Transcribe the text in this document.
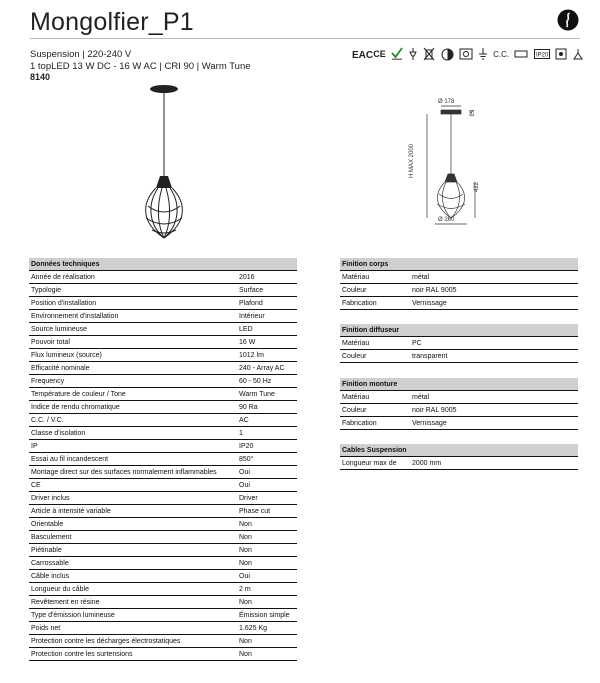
Mongolfier_P1
Suspension | 220-240 V
1 topLED 13 W DC - 16 W AC | CRI 90 | Warm Tune
8140
EAC CE	C.C.	IP20
Ø 178
53
H MAX 2000
422
Ø 260
Données techniques	
Année de réalisation	2016
Typologie	Surface
Position d'installation	Plafond
Environnement d'installation	Intérieur
Source lumineuse	LED
Pouvoir total	16 W
Flux lumineux (source)	1012 lm
Efficacité nominale	240 - Array AC
Frequency	60 - 50 Hz
Température de couleur / Tone	Warm Tune
Indice de rendu chromatique	90 Ra
C.C. / V.C.	AC
Classe d'isolation	1
IP	IP20
Essai au fil incandescent	850°
Montage direct sur des surfaces normalement inflammables	Oui
CE	Oui
Driver inclus	Driver
Article à intensité variable	Phase cut
Orientable	Non
Basculement	Non
Piétinable	Non
Carrossable	Non
Câble inclus	Oui
Longueur du câble	2 m
Revêtement en résine	Non
Type d'émission lumineuse	Émission simple
Poids net	1.625 Kg
Protection contre les décharges électrostatiques	Non
Protection contre les surtensions	Non
Finition corps	
Matériau	métal
Couleur	noir RAL 9005
Fabrication	Vernissage
Finition diffuseur	
Matériau	PC
Couleur	transparent
Finition monture	
Matériau	métal
Couleur	noir RAL 9005
Fabrication	Vernissage
Cables Suspension
Longueur max de	2000 mm
